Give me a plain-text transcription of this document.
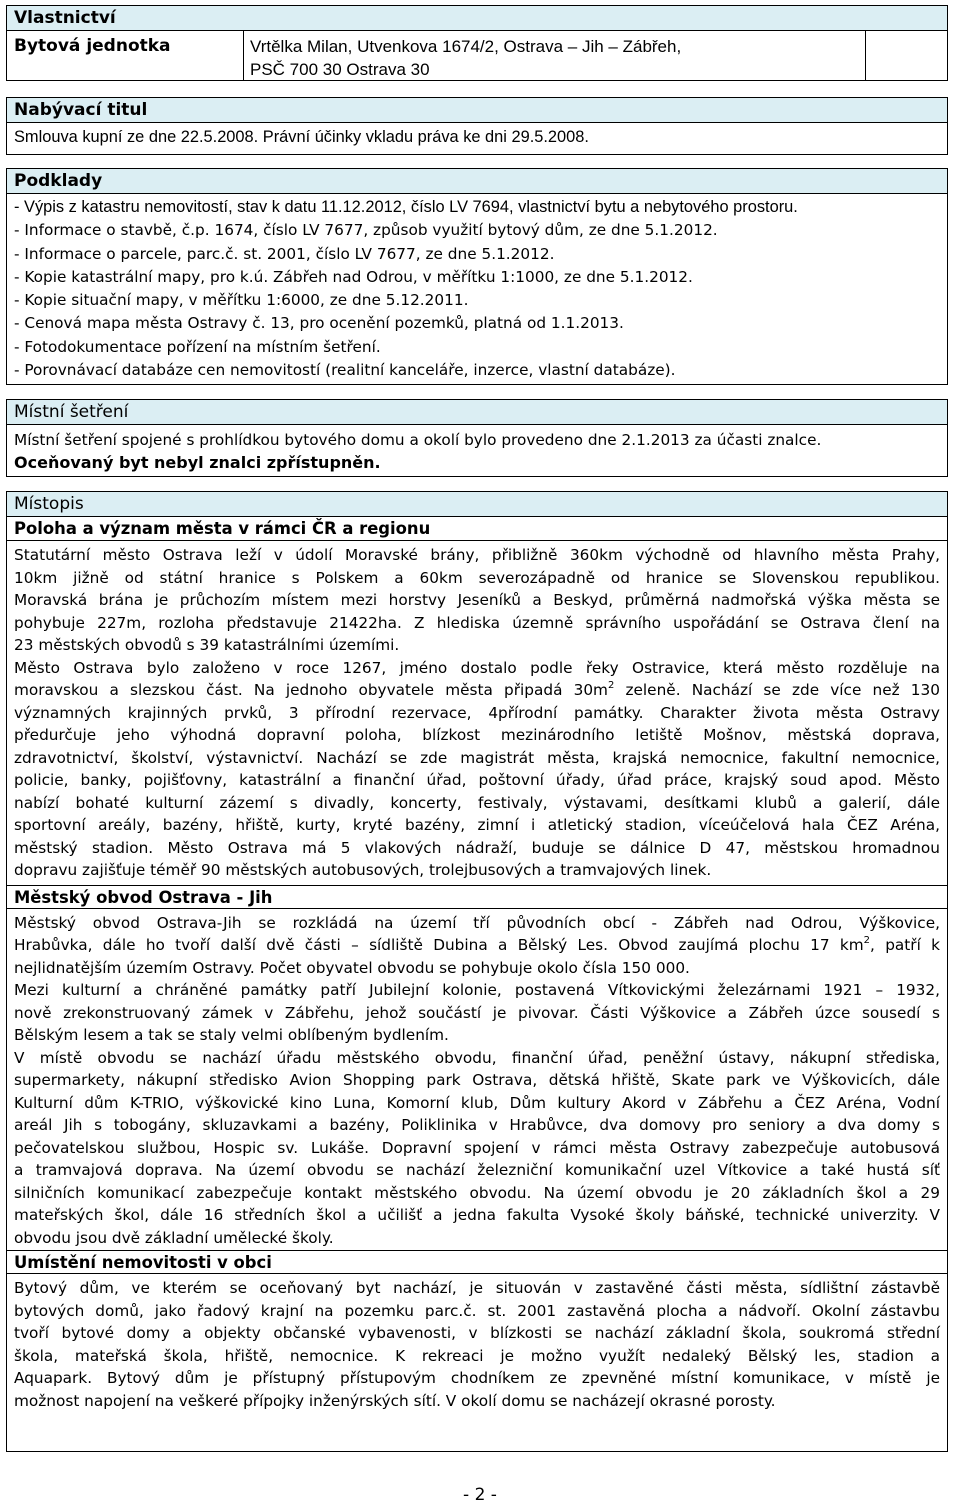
Vlastnictví
Bytová jednotka	Vrtělka Milan, Utvenkova 1674/2, Ostrava – Jih – Zábřeh,
PSČ 700 30 Ostrava 30
Nabývací titul
Smlouva kupní ze dne 22.5.2008. Právní účinky vkladu práva ke dni 29.5.2008.
Podklady
- Výpis z katastru nemovitostí, stav k datu 11.12.2012, číslo LV 7694, vlastnictví bytu a nebytového prostoru.
- Informace o stavbě, č.p. 1674, číslo LV 7677, způsob využití bytový dům, ze dne 5.1.2012.
- Informace o parcele, parc.č. st. 2001, číslo LV 7677, ze dne 5.1.2012.
- Kopie katastrální mapy, pro k.ú. Zábřeh nad Odrou, v měřítku 1:1000, ze dne 5.1.2012.
- Kopie situační mapy, v měřítku 1:6000, ze dne 5.12.2011.
- Cenová mapa města Ostravy č. 13, pro ocenění pozemků, platná od 1.1.2013.
- Fotodokumentace pořízení na místním šetření.
- Porovnávací databáze cen nemovitostí (realitní kanceláře, inzerce, vlastní databáze).
Místní šetření
Místní šetření spojené s prohlídkou bytového domu a okolí bylo provedeno dne 2.1.2013 za účasti znalce.
Oceňovaný byt nebyl znalci zpřístupněn.
Místopis
Poloha a význam města v rámci ČR a regionu
Statutární město Ostrava leží v údolí Moravské brány, přibližně 360km východně od hlavního města Prahy,
10km jižně od státní hranice s Polskem a 60km severozápadně od hranice se Slovenskou republikou.
Moravská brána je průchozím místem mezi horstvy Jeseníků a Beskyd, průměrná nadmořská výška města se
pohybuje 227m, rozloha představuje 21422ha. Z hlediska územně správního uspořádání se Ostrava člení na
23 městských obvodů s 39 katastrálními územími.
Město Ostrava bylo založeno v roce 1267, jméno dostalo podle řeky Ostravice, která město rozděluje na
moravskou a slezskou část. Na jednoho obyvatele města připadá $30m^2$ zeleně. Nachází se zde více než 130
významných krajinných prvků, 3 přírodní rezervace, 4přírodní památky. Charakter života města Ostravy
předurčuje jeho výhodná dopravní poloha, blízkost mezinárodního letiště Mošnov, městská doprava,
zdravotnictví, školství, výstavnictví. Nachází se zde magistrát města, krajská nemocnice, fakultní nemocnice,
policie, banky, pojišťovny, katastrální a finanční úřad, poštovní úřady, úřad práce, krajský soud apod. Město
nabízí bohaté kulturní zázemí s divadly, koncerty, festivaly, výstavami, desítkami klubů a galerií, dále
sportovní areály, bazény, hřiště, kurty, kryté bazény, zimní i atletický stadion, víceúčelová hala ČEZ Aréna,
městský stadion. Město Ostrava má 5 vlakových nádraží, buduje se dálnice D 47, městskou hromadnou
dopravu zajišťuje téměř 90 městských autobusových, trolejbusových a tramvajových linek.
Městský obvod Ostrava - Jih
Městský obvod Ostrava-Jih se rozkládá na území tří původních obcí - Zábřeh nad Odrou, Výškovice,
Hrabůvka, dále ho tvoří další dvě části – sídliště Dubina a Bělský Les. Obvod zaujímá plochu 17 $km^2$, patří k
nejlidnatějším územím Ostravy. Počet obyvatel obvodu se pohybuje okolo čísla 150 000.
Mezi kulturní a chráněné památky patří Jubilejní kolonie, postavená Vítkovickými železárnami 1921 – 1932,
nově zrekonstruovaný zámek v Zábřehu, jehož součástí je pivovar. Části Výškovice a Zábřeh úzce sousedí s
Bělským lesem a tak se staly velmi oblíbeným bydlením.
V místě obvodu se nachází úřadu městského obvodu, finanční úřad, peněžní ústavy, nákupní střediska,
supermarkety, nákupní středisko Avion Shopping park Ostrava, dětská hřiště, Skate park ve Výškovicích, dále
Kulturní dům K-TRIO, výškovické kino Luna, Komorní klub, Dům kultury Akord v Zábřehu a ČEZ Aréna, Vodní
areál Jih s tobogány, skluzavkami a bazény, Poliklinika v Hrabůvce, dva domovy pro seniory a dva domy s
pečovatelskou službou, Hospic sv. Lukáše. Dopravní spojení v rámci města Ostravy zabezpečuje autobusová
a tramvajová doprava. Na území obvodu se nachází železniční komunikační uzel Vítkovice a také hustá síť
silničních komunikací zabezpečuje kontakt městského obvodu. Na území obvodu je 20 základních škol a 29
mateřských škol, dále 16 středních škol a učilišť a jedna fakulta Vysoké školy báňské, technické univerzity. V
obvodu jsou dvě základní umělecké školy.
Umístění nemovitosti v obci
Bytový dům, ve kterém se oceňovaný byt nachází, je situován v zastavěné části města, sídlištní zástavbě
bytových domů, jako řadový krajní na pozemku parc.č. st. 2001 zastavěná plocha a nádvoří. Okolní zástavbu
tvoří bytové domy a objekty občanské vybavenosti, v blízkosti se nachází základní škola, soukromá střední
škola, mateřská škola, hřiště, nemocnice. K rekreaci je možno využít nedaleký Bělský les, stadion a
Aquapark. Bytový dům je přístupný přístupovým chodníkem ze zpevněné místní komunikace, v místě je
možnost napojení na veškeré přípojky inženýrských sítí. V okolí domu se nacházejí okrasné porosty.
- 2 -
